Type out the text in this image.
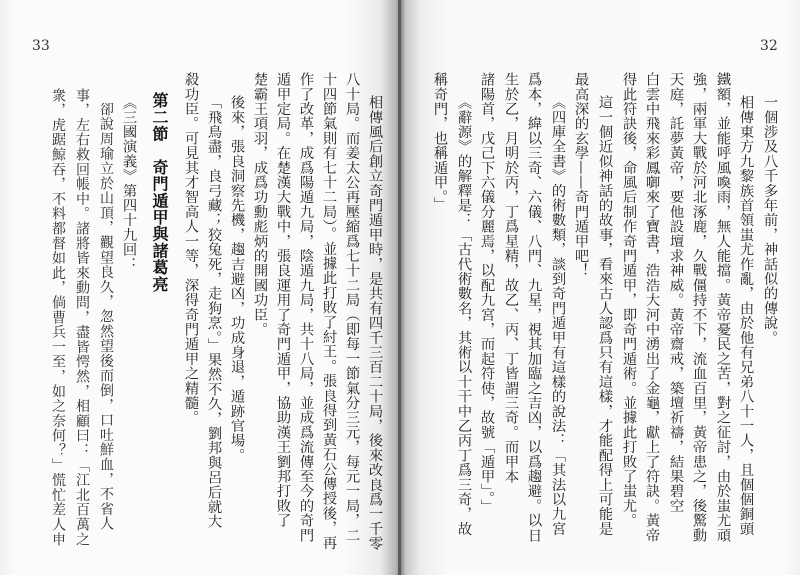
33
相傳風后創立奇門遁甲時，是共有四千三百二十局，後來改良爲一千零
八十局。而姜太公再壓縮爲七十二局（即每一節氣分三元，每元一局，二
十四節氣則有七十二局）。並據此打敗了紂王。張良得到黃石公傳授後，再
作了改革，成爲陽遁九局，陰遁九局，共十八局，並成爲流傳至今的奇門
遁甲定局。在楚漢大戰中，張良運用了奇門遁甲，協助漢王劉邦打敗了
楚霸王項羽，成爲功勳彪炳的開國功臣。
後來，張良洞察先機，趨吉避凶，功成身退，遁跡官場。
「飛鳥盡，良弓藏；狡兔死，走狗烹。」果然不久，劉邦與呂后就大
殺功臣。可見其才智高人一等，深得奇門遁甲之精髓。
第二節　奇門遁甲與諸葛亮
《三國演義》第四十九回：
卻說周瑜立於山頂，觀望良久，忽然望後而倒，口吐鮮血，不省人
事，左右救回帳中。諸將皆來動問，盡皆愕然，相顧曰：「江北百萬之
衆，虎踞鯨吞，不料都督如此，倘曹兵一至，如之奈何？」慌忙差人申
32
一個涉及八千多年前，神話似的傳說。
相傳東方九黎族首領蚩尤作亂，由於他有兄弟八十一人，且個個銅頭
鐵額，並能呼風喚雨，無人能擋。黃帝憂民之苦，對之征討，由於蚩尤頑
強，兩軍大戰於河北涿鹿，久戰僵持不下，流血百里，黃帝患之，後驚動
天庭，託夢黃帝，要他設壇求神威。黃帝齋戒，築壇祈禱，結果碧空
白雲中飛來彩鳳啣來了寶書，浩浩大河中湧出了金龜，獻上了符訣。黃帝
得此符訣後，命風后制作奇門遁甲，即奇門遁術。並據此打敗了蚩尤。
這一個近似神話的故事，看來古人認爲只有這樣，才能配得上可能是
最高深的玄學——奇門遁甲吧！
《四庫全書》的術數類，談到奇門遁甲有這樣的說法：「其法以九宮
爲本，緯以三奇、六儀、八門、九星，視其加臨之吉凶，以爲趨避。以日
生於乙，月明於丙，丁爲星精，故乙、丙、丁皆謂三奇。而甲本
諸陽首，戊己下六儀分麗焉，以配九宮，而起符使，故號「遁甲」。」
《辭源》的解釋是：「古代術數名，其術以十干中乙丙丁爲三奇，故
稱奇門，也稱遁甲。」
